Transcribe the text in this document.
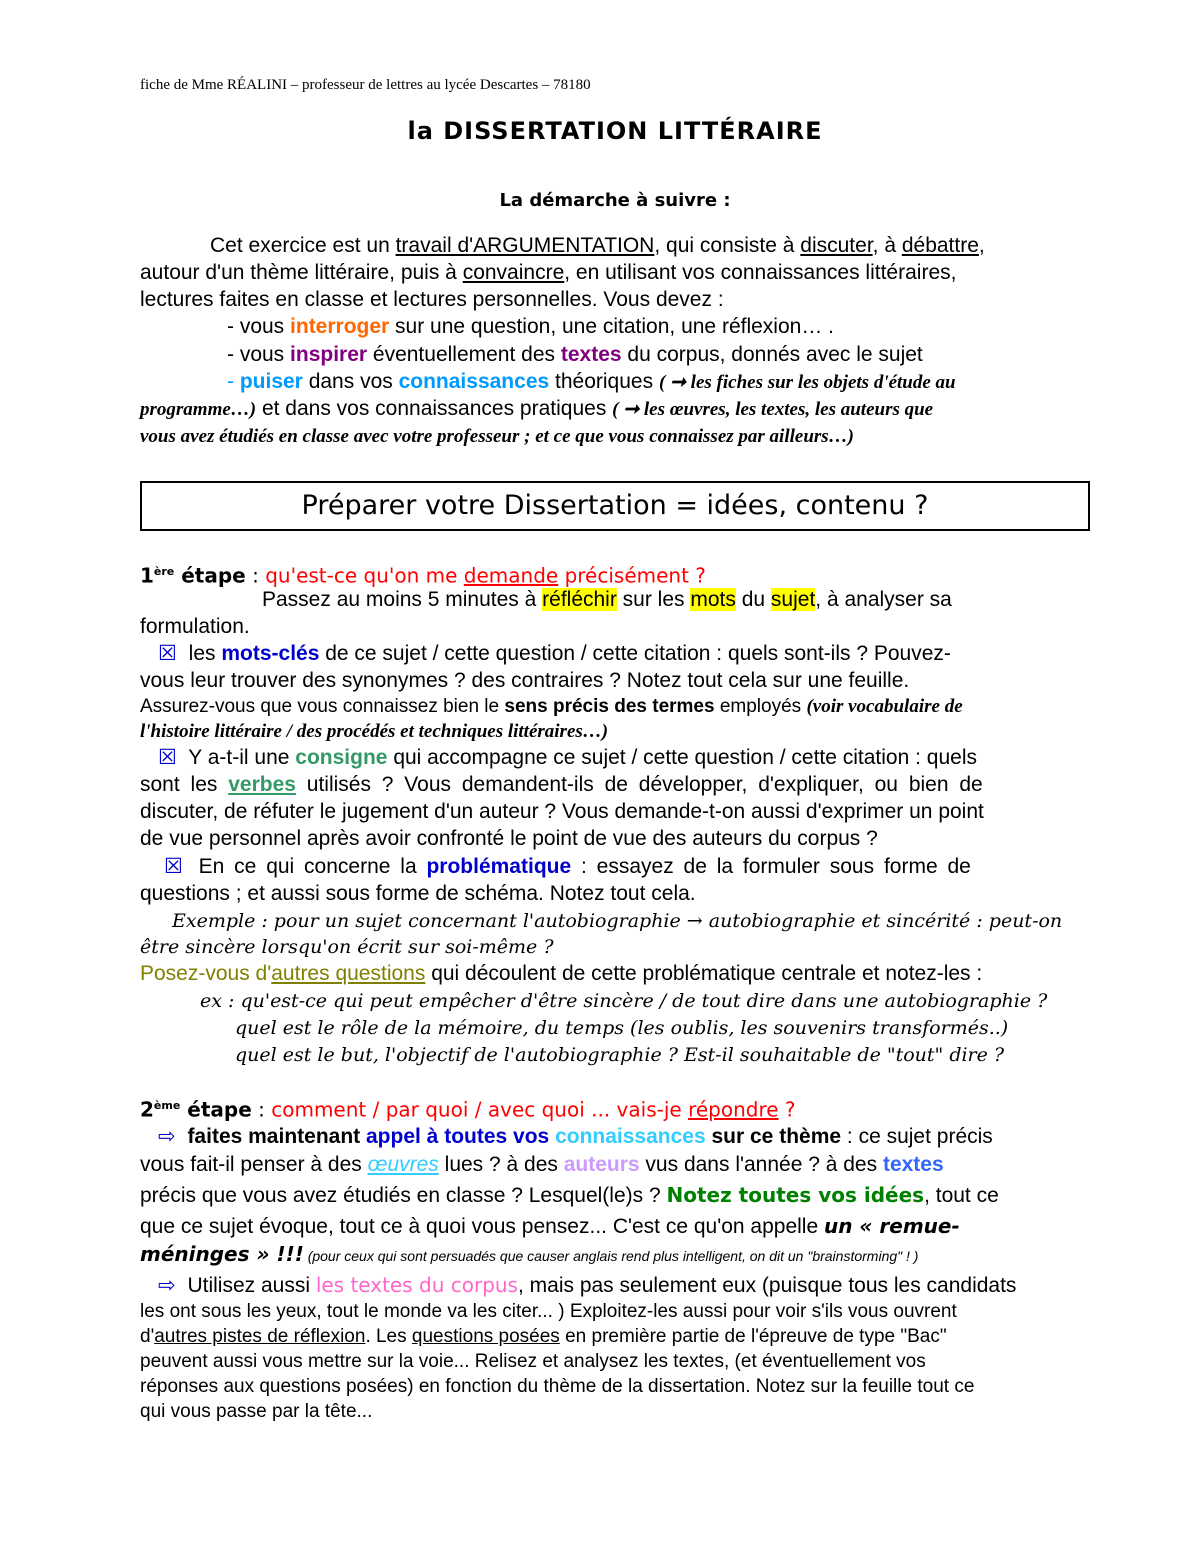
fiche de Mme RÉALINI – professeur de lettres au lycée Descartes – 78180
la DISSERTATION LITTÉRAIRE
La démarche à suivre :
Cet exercice est un travail d'ARGUMENTATION, qui consiste à discuter, à débattre,
autour d'un thème littéraire, puis à convaincre, en utilisant vos connaissances littéraires,
lectures faites en classe et lectures personnelles. Vous devez :
- vous interroger sur une question, une citation, une réflexion… .
- vous inspirer éventuellement des textes du corpus, donnés avec le sujet
- puiser dans vos connaissances théoriques ( ➞ les fiches sur les objets d'étude au
programme…) et dans vos connaissances pratiques ( ➞ les œuvres, les textes, les auteurs que
vous avez étudiés en classe avec votre professeur ; et ce que vous connaissez par ailleurs…)
Préparer votre Dissertation = idées, contenu ?
1ère étape : qu'est-ce qu'on me demande précisément ?
Passez au moins 5 minutes à réfléchir sur les mots du sujet, à analyser sa
formulation.
☒ les mots-clés de ce sujet / cette question / cette citation : quels sont-ils ? Pouvez-
vous leur trouver des synonymes ? des contraires ? Notez tout cela sur une feuille.
Assurez-vous que vous connaissez bien le sens précis des termes employés (voir vocabulaire de
l'histoire littéraire / des procédés et techniques littéraires…)
☒ Y a-t-il une consigne qui accompagne ce sujet / cette question / cette citation : quels
sont les verbes utilisés ? Vous demandent-ils de développer, d'expliquer, ou bien de
discuter, de réfuter le jugement d'un auteur ? Vous demande-t-on aussi d'exprimer un point
de vue personnel après avoir confronté le point de vue des auteurs du corpus ?
☒ En ce qui concerne la problématique : essayez de la formuler sous forme de
questions ; et aussi sous forme de schéma. Notez tout cela.
Exemple : pour un sujet concernant l'autobiographie → autobiographie et sincérité : peut-on
être sincère lorsqu'on écrit sur soi-même ?
Posez-vous d'autres questions qui découlent de cette problématique centrale et notez-les :
ex : qu'est-ce qui peut empêcher d'être sincère / de tout dire dans une autobiographie ?
quel est le rôle de la mémoire, du temps (les oublis, les souvenirs transformés..)
quel est le but, l'objectif de l'autobiographie ? Est-il souhaitable de "tout" dire ?
2ème étape : comment / par quoi / avec quoi ... vais-je répondre ?
⇨ faites maintenant appel à toutes vos connaissances sur ce thème : ce sujet précis
vous fait-il penser à des œuvres lues ? à des auteurs vus dans l'année ? à des textes
précis que vous avez étudiés en classe ? Lesquel(le)s ? Notez toutes vos idées, tout ce
que ce sujet évoque, tout ce à quoi vous pensez... C'est ce qu'on appelle un « remue-
méninges » !!! (pour ceux qui sont persuadés que causer anglais rend plus intelligent, on dit un "brainstorming" ! )
⇨ Utilisez aussi les textes du corpus, mais pas seulement eux (puisque tous les candidats
les ont sous les yeux, tout le monde va les citer... ) Exploitez-les aussi pour voir s'ils vous ouvrent
d'autres pistes de réflexion. Les questions posées en première partie de l'épreuve de type "Bac"
peuvent aussi vous mettre sur la voie... Relisez et analysez les textes, (et éventuellement vos
réponses aux questions posées) en fonction du thème de la dissertation. Notez sur la feuille tout ce
qui vous passe par la tête...
